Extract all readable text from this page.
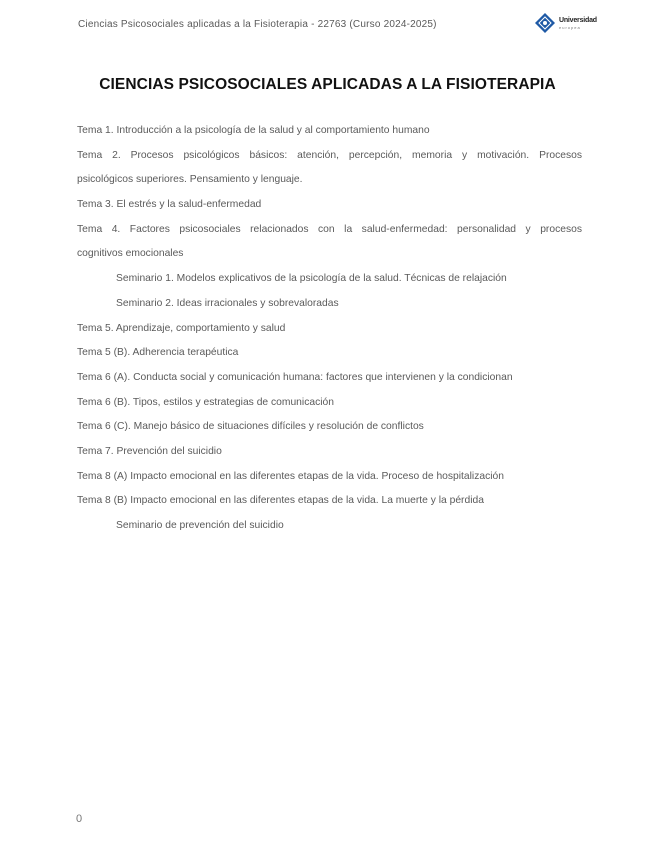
Ciencias Psicosociales aplicadas a la Fisioterapia - 22763 (Curso 2024-2025)	Universidad
europea
CIENCIAS PSICOSOCIALES APLICADAS A LA FISIOTERAPIA
Tema 1. Introducción a la psicología de la salud y al comportamiento humano
Tema 2. Procesos psicológicos básicos: atención, percepción, memoria y motivación. Procesos
psicológicos superiores. Pensamiento y lenguaje.
Tema 3. El estrés y la salud-enfermedad
Tema 4. Factores psicosociales relacionados con la salud-enfermedad: personalidad y procesos
cognitivos emocionales
Seminario 1. Modelos explicativos de la psicología de la salud. Técnicas de relajación
Seminario 2. Ideas irracionales y sobrevaloradas
Tema 5. Aprendizaje, comportamiento y salud
Tema 5 (B). Adherencia terapéutica
Tema 6 (A). Conducta social y comunicación humana: factores que intervienen y la condicionan
Tema 6 (B). Tipos, estilos y estrategias de comunicación
Tema 6 (C). Manejo básico de situaciones difíciles y resolución de conflictos
Tema 7. Prevención del suicidio
Tema 8 (A) Impacto emocional en las diferentes etapas de la vida. Proceso de hospitalización
Tema 8 (B) Impacto emocional en las diferentes etapas de la vida. La muerte y la pérdida
Seminario de prevención del suicidio
0
